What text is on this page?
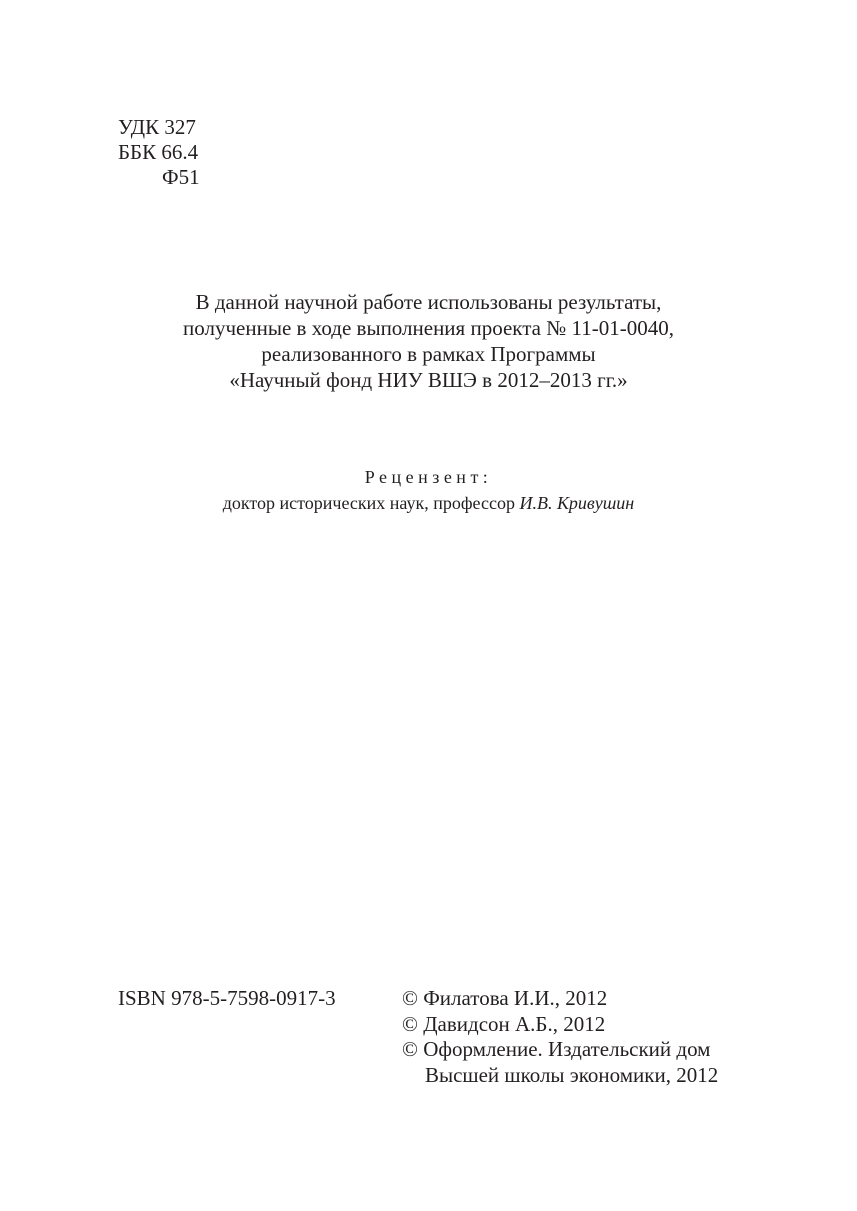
УДК 327
ББК 66.4
Ф51
В данной научной работе использованы результаты,
полученные в ходе выполнения проекта № 11-01-0040,
реализованного в рамках Программы
«Научный фонд НИУ ВШЭ в 2012–2013 гг.»
Рецензент:
доктор исторических наук, профессор И.В. Кривушин
ISBN 978-5-7598-0917-3	© Филатова И.И., 2012
© Давидсон А.Б., 2012
© Оформление. Издательский дом
Высшей школы экономики, 2012
